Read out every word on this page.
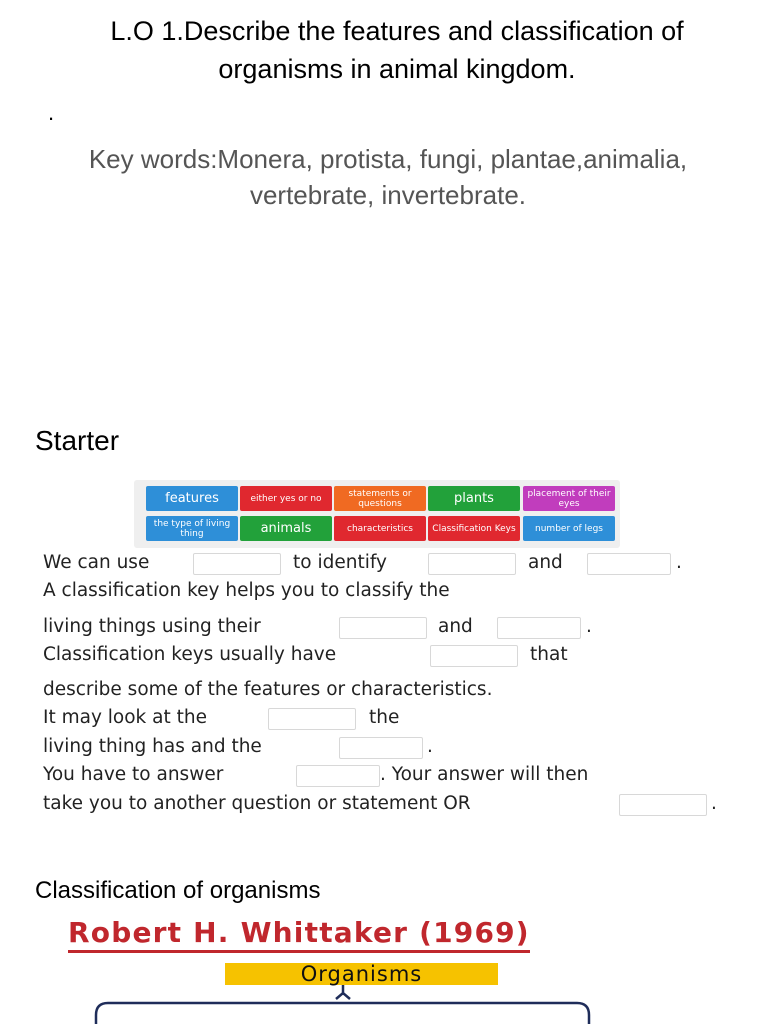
L.O 1.Describe the features and classification of
organisms in animal kingdom.
.
Key words:Monera, protista, fungi, plantae,animalia,
vertebrate, invertebrate.
Starter
features	either yes or no	statements or questions	plants	placement of their eyes
the type of living thing	animals	characteristics	Classification Keys	number of legs
We can use	to identify	and	.
A classification key helps you to classify the
living things using their	and	.
Classification keys usually have	that
describe some of the features or characteristics.
It may look at the	the
living thing has and the	.
You have to answer	. Your answer will then
take you to another question or statement OR	.
Classification of organisms
Robert H. Whittaker (1969)
Organisms
